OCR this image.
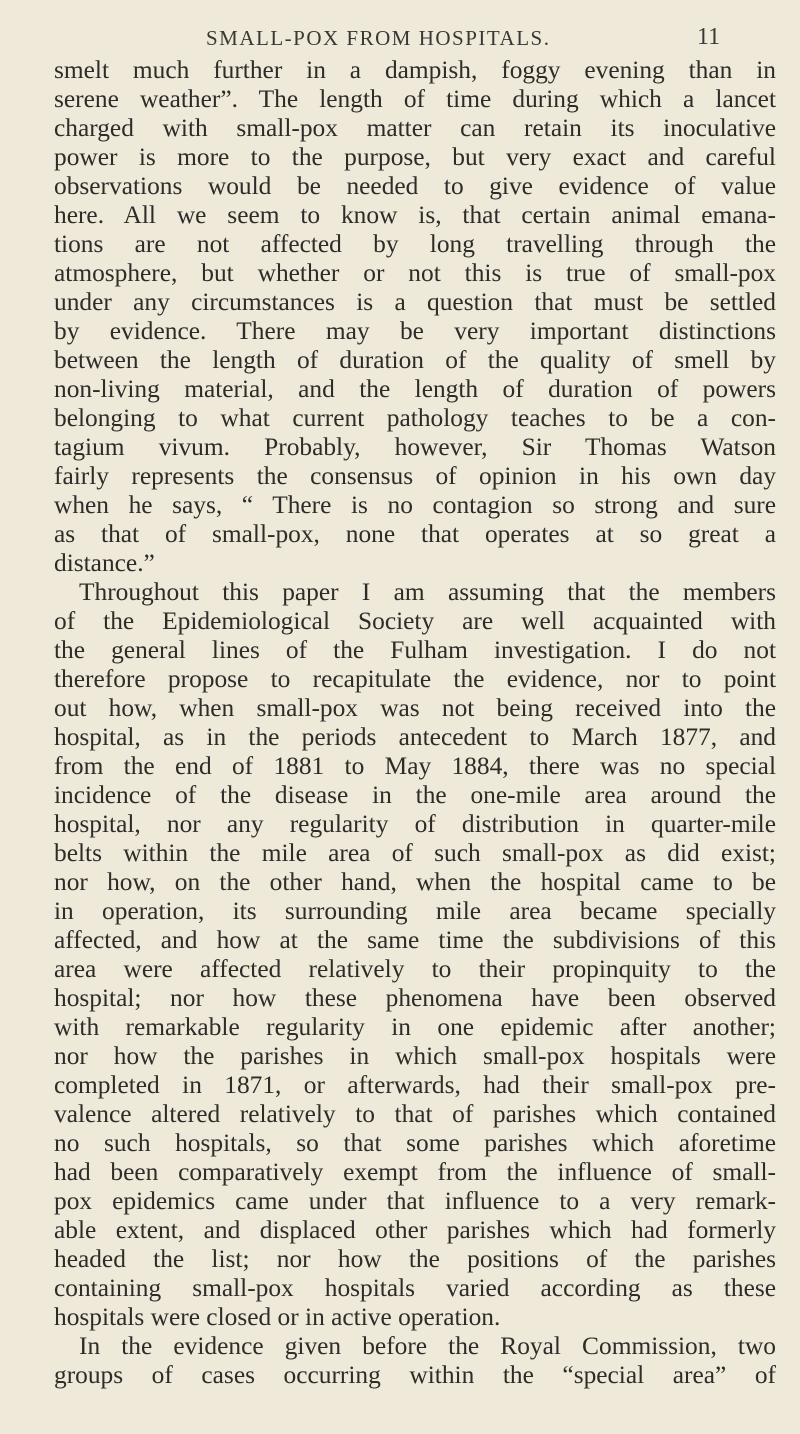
SMALL-POX FROM HOSPITALS.	11
smelt much further in a dampish, foggy evening than in
serene weather”. The length of time during which a lancet
charged with small-pox matter can retain its inoculative
power is more to the purpose, but very exact and careful
observations would be needed to give evidence of value
here. All we seem to know is, that certain animal emana-
tions are not affected by long travelling through the
atmosphere, but whether or not this is true of small-pox
under any circumstances is a question that must be settled
by evidence. There may be very important distinctions
between the length of duration of the quality of smell by
non-living material, and the length of duration of powers
belonging to what current pathology teaches to be a con-
tagium vivum. Probably, however, Sir Thomas Watson
fairly represents the consensus of opinion in his own day
when he says, “ There is no contagion so strong and sure
as that of small-pox, none that operates at so great a
distance.”
Throughout this paper I am assuming that the members
of the Epidemiological Society are well acquainted with
the general lines of the Fulham investigation. I do not
therefore propose to recapitulate the evidence, nor to point
out how, when small-pox was not being received into the
hospital, as in the periods antecedent to March 1877, and
from the end of 1881 to May 1884, there was no special
incidence of the disease in the one-mile area around the
hospital, nor any regularity of distribution in quarter-mile
belts within the mile area of such small-pox as did exist;
nor how, on the other hand, when the hospital came to be
in operation, its surrounding mile area became specially
affected, and how at the same time the subdivisions of this
area were affected relatively to their propinquity to the
hospital; nor how these phenomena have been observed
with remarkable regularity in one epidemic after another;
nor how the parishes in which small-pox hospitals were
completed in 1871, or afterwards, had their small-pox pre-
valence altered relatively to that of parishes which contained
no such hospitals, so that some parishes which aforetime
had been comparatively exempt from the influence of small-
pox epidemics came under that influence to a very remark-
able extent, and displaced other parishes which had formerly
headed the list; nor how the positions of the parishes
containing small-pox hospitals varied according as these
hospitals were closed or in active operation.
In the evidence given before the Royal Commission, two
groups of cases occurring within the “special area” of
